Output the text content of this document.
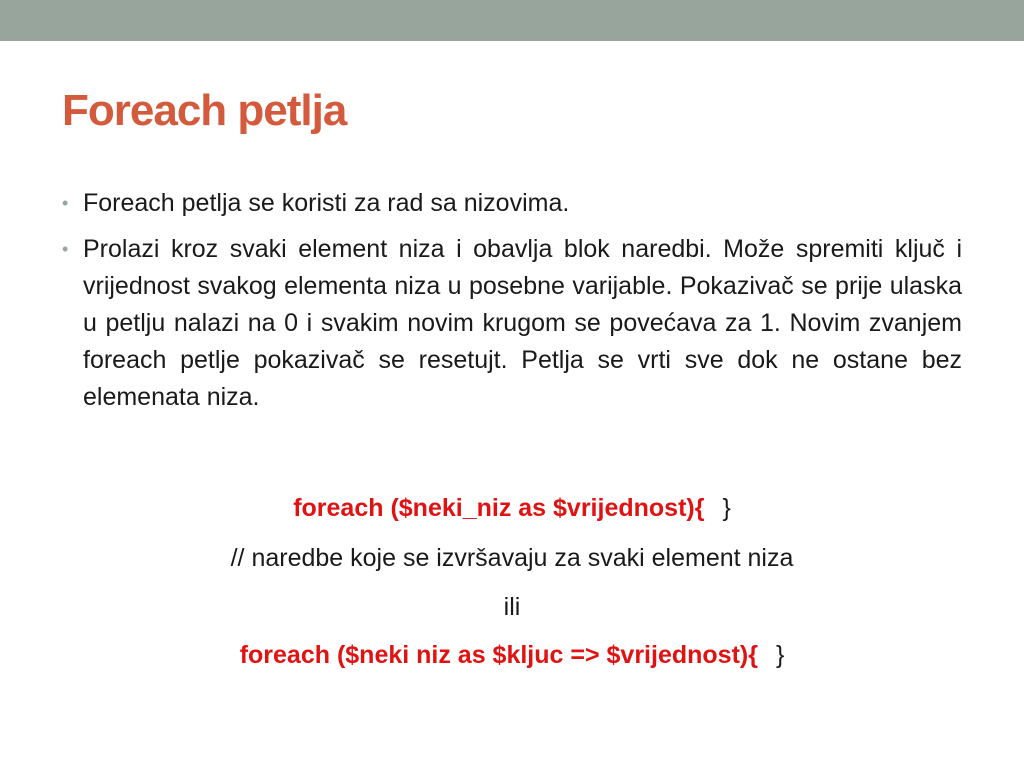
Foreach petlja
• Foreach petlja se koristi za rad sa nizovima.
• Prolazi kroz svaki element niza i obavlja blok naredbi. Može spremiti ključ i vrijednost svakog elementa niza u posebne varijable. Pokazivač se prije ulaska u petlju nalazi na 0 i svakim novim krugom se povećava za 1. Novim zvanjem foreach petlje pokazivač se resetujt. Petlja se vrti sve dok ne ostane bez elemenata niza.
foreach ($neki_niz as $vrijednost){ }
// naredbe koje se izvršavaju za svaki element niza
ili
foreach ($neki niz as $kljuc => $vrijednost){ }
